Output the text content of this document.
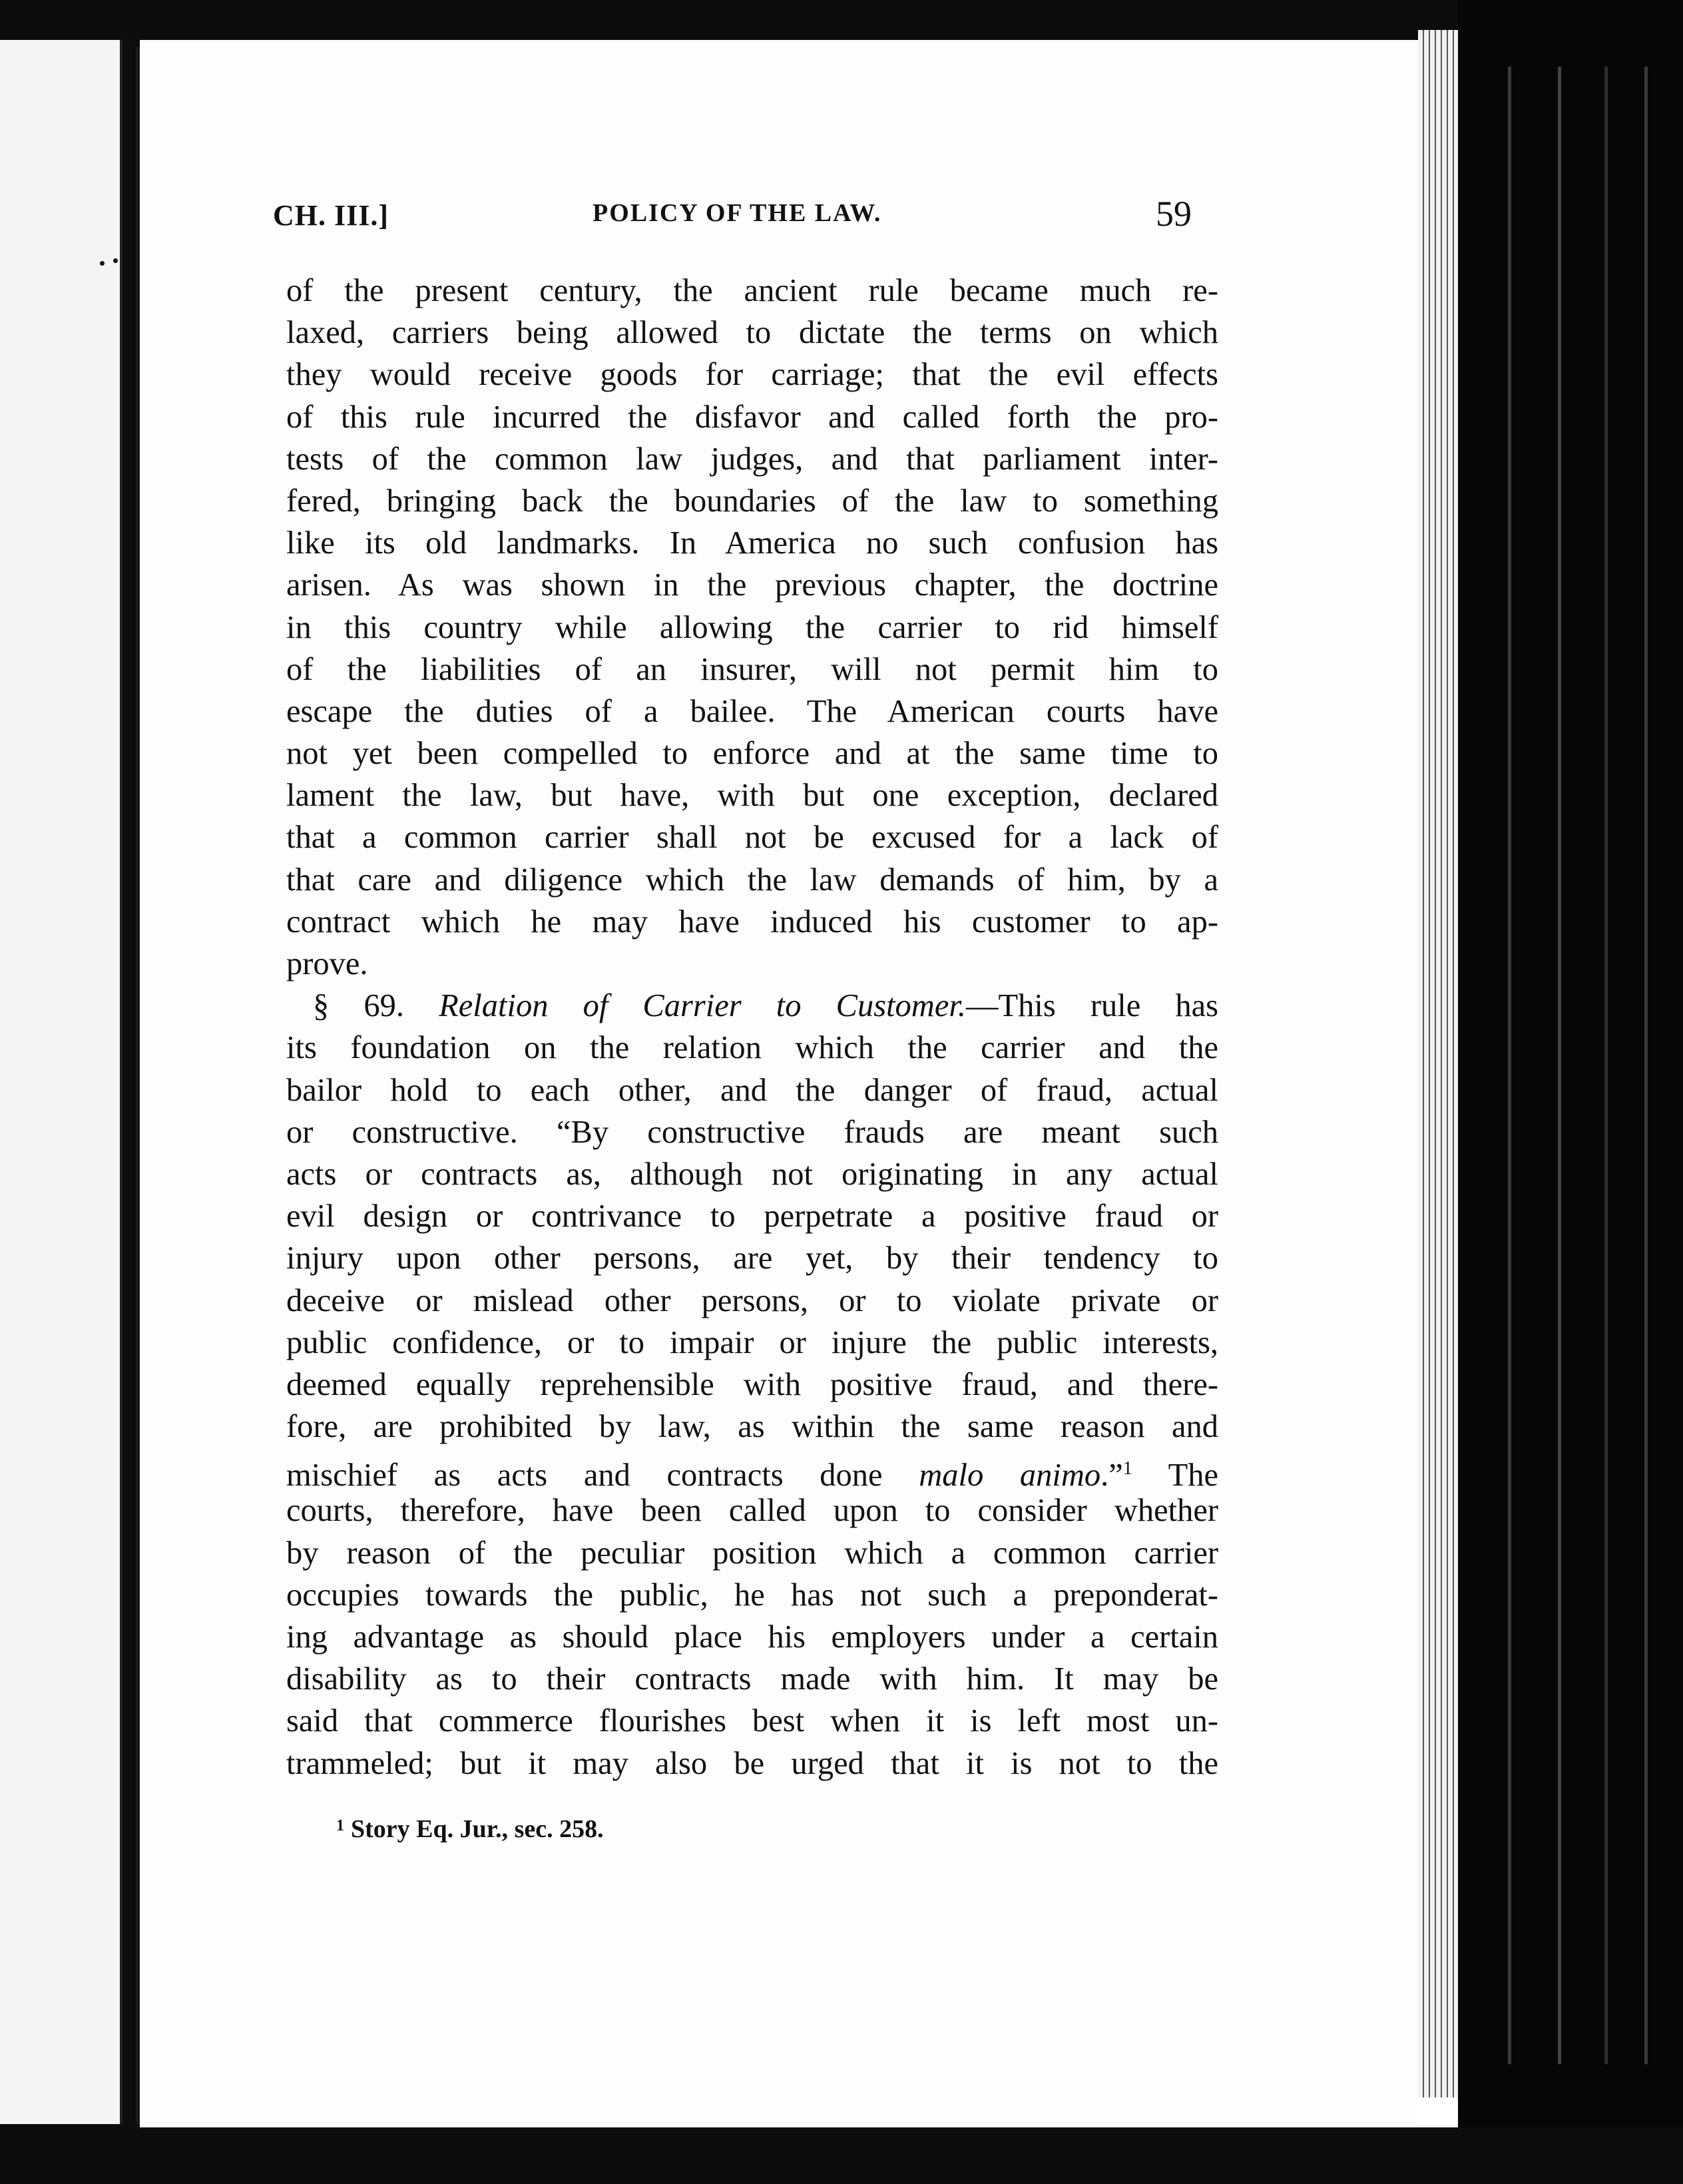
CH. III.]	POLICY OF THE LAW.	59
of the present century, the ancient rule became much re-
laxed, carriers being allowed to dictate the terms on which
they would receive goods for carriage; that the evil effects
of this rule incurred the disfavor and called forth the pro-
tests of the common law judges, and that parliament inter-
fered, bringing back the boundaries of the law to something
like its old landmarks. In America no such confusion has
arisen. As was shown in the previous chapter, the doctrine
in this country while allowing the carrier to rid himself
of the liabilities of an insurer, will not permit him to
escape the duties of a bailee. The American courts have
not yet been compelled to enforce and at the same time to
lament the law, but have, with but one exception, declared
that a common carrier shall not be excused for a lack of
that care and diligence which the law demands of him, by a
contract which he may have induced his customer to ap-
prove.
§ 69. Relation of Carrier to Customer.—This rule has
its foundation on the relation which the carrier and the
bailor hold to each other, and the danger of fraud, actual
or constructive. “By constructive frauds are meant such
acts or contracts as, although not originating in any actual
evil design or contrivance to perpetrate a positive fraud or
injury upon other persons, are yet, by their tendency to
deceive or mislead other persons, or to violate private or
public confidence, or to impair or injure the public interests,
deemed equally reprehensible with positive fraud, and there-
fore, are prohibited by law, as within the same reason and
mischief as acts and contracts done malo animo.”$^1$ The
courts, therefore, have been called upon to consider whether
by reason of the peculiar position which a common carrier
occupies towards the public, he has not such a preponderat-
ing advantage as should place his employers under a certain
disability as to their contracts made with him. It may be
said that commerce flourishes best when it is left most un-
trammeled; but it may also be urged that it is not to the
$^1$ Story Eq. Jur., sec. 258.
